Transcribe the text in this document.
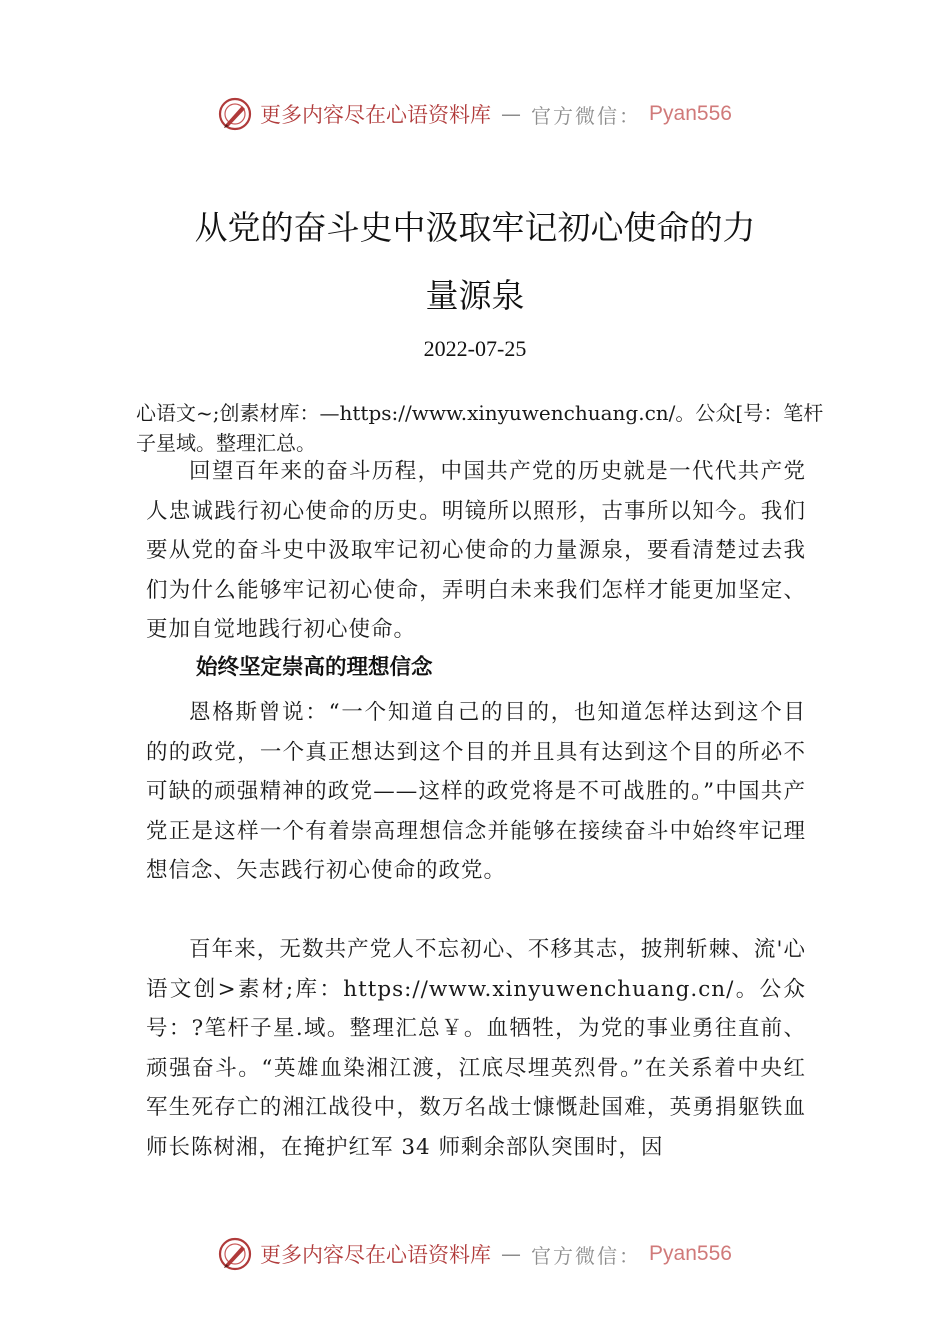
更多内容尽在心语资料库 — 官方微信： Pyan556
从党的奋斗史中汲取牢记初心使命的力
量源泉
2022-07-25
心语文~;创素材库：—https://www.xinyuwenchuang.cn/。公众[号：笔杆子星域。整理汇总。

回望百年来的奋斗历程，中国共产党的历史就是一代代共产党人忠诚践行初心使命的历史。明镜所以照形，古事所以知今。我们要从党的奋斗史中汲取牢记初心使命的力量源泉，要看清楚过去我们为什么能够牢记初心使命，弄明白未来我们怎样才能更加坚定、更加自觉地践行初心使命。

始终坚定崇高的理想信念

恩格斯曾说：“一个知道自己的目的，也知道怎样达到这个目的的政党，一个真正想达到这个目的并且具有达到这个目的所必不可缺的顽强精神的政党——这样的政党将是不可战胜的。”中国共产党正是这样一个有着崇高理想信念并能够在接续奋斗中始终牢记理想信念、矢志践行初心使命的政党。

百年来，无数共产党人不忘初心、不移其志，披荆斩棘、流'心语文创>素材;库：https://www.xinyuwenchuang.cn/。公众号：?笔杆子星.域。整理汇总￥。血牺牲，为党的事业勇往直前、顽强奋斗。“英雄血染湘江渡，江底尽埋英烈骨。”在关系着中央红军生死存亡的湘江战役中，数万名战士慷慨赴国难，英勇捐躯铁血师长陈树湘，在掩护红军 34 师剩余部队突围时，因

更多内容尽在心语资料库 — 官方微信： Pyan556
